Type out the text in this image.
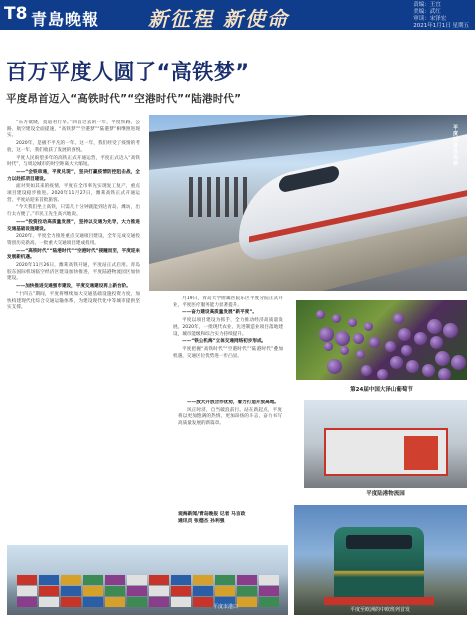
T8 青島晚報 新征程 新使命
责编：王宜
美编：武红
审读：宋泽宏
2021年1月1日 星期五
百万平度人圆了“高铁梦”
平度昂首迈入“高铁时代”“空港时代”“陆港时代”
平度站首发高铁

“东方欲晓，莫道君行早。”回首过去的一年，平度铁路、公路、航空建设全面提速，“高铁梦”“空港梦”“陆港梦”相继照进现实。

2020年，是极不平凡的一年。这一年，我们经受了疫情的考验，这一年，我们收获了发展的喜悦。

平度人民盼望多年的高铁正式开通运营，平度正式迈入“高铁时代”，与周边城市的时空距离大大缩短。

——“会铁串通，平度兑现”，坚决打赢疫情防控阻击战，全力以赴抓项目建设。

面对突如其来的疫情，平度在全市率先实现复工复产，重点项目建设稳步推进。2020年11月27日，潍莱高铁正式开通运营，平度站迎来首批旅客。

“今天我们坐上高铁，只需几十分钟就能到达青岛、潍坊，出行太方便了。”市民王先生高兴地说。

——“投资拉动高质量发展”，坚持以交通为先导，大力推进交通基础设施建设。

2020年，平度全力推进重点交通项目建设，全年完成交通投资创历史新高，一批重大交通项目建成投用。

——“高铁时代”“陆港时代”“空港时代”接踵而至，平度迎来发展新机遇。

2020年11月26日，潍莱高铁开通，平度站正式启用。青岛胶东国际机场临空经济区建设加快推进，平度陆港物流园区加快建设。

——加快推进交通强市建设，平度交通建设再上新台阶。

“十四五”期间，平度将继续加大交通基础设施投资力度，加快构建现代化综合交通运输体系，为建设现代化中等城市提供坚实支撑。

月19日，青岛大学附属医院东区平度分院正式开业，平度医疗服务能力显著提升。

——奋力建设高质量发展“新平度”。

平度以项目建设为抓手，全力推动经济高质量发展。2020年，一批现代农业、先进制造业项目落地建设，城市能级和综合实力持续提升。

——“铁公机海”立体交通网络初步形成。

平度把握“高铁时代”“空港时代”“陆港时代”叠加机遇，交通区位优势进一步凸显。

第24届中国大泽山葡萄节
平度陆港物流园

——放大开放合作优势，着力打造开放高地。

风正时济，自当破浪前行。站在新起点，平度将以更加饱满的热情、更加昂扬的斗志，奋力书写高质量发展的新篇章。

观海新闻/青岛晚报 记者 马言政
通讯员 张德杰 孙利强
平度至欧洲的中欧班列首发
平度市港口
